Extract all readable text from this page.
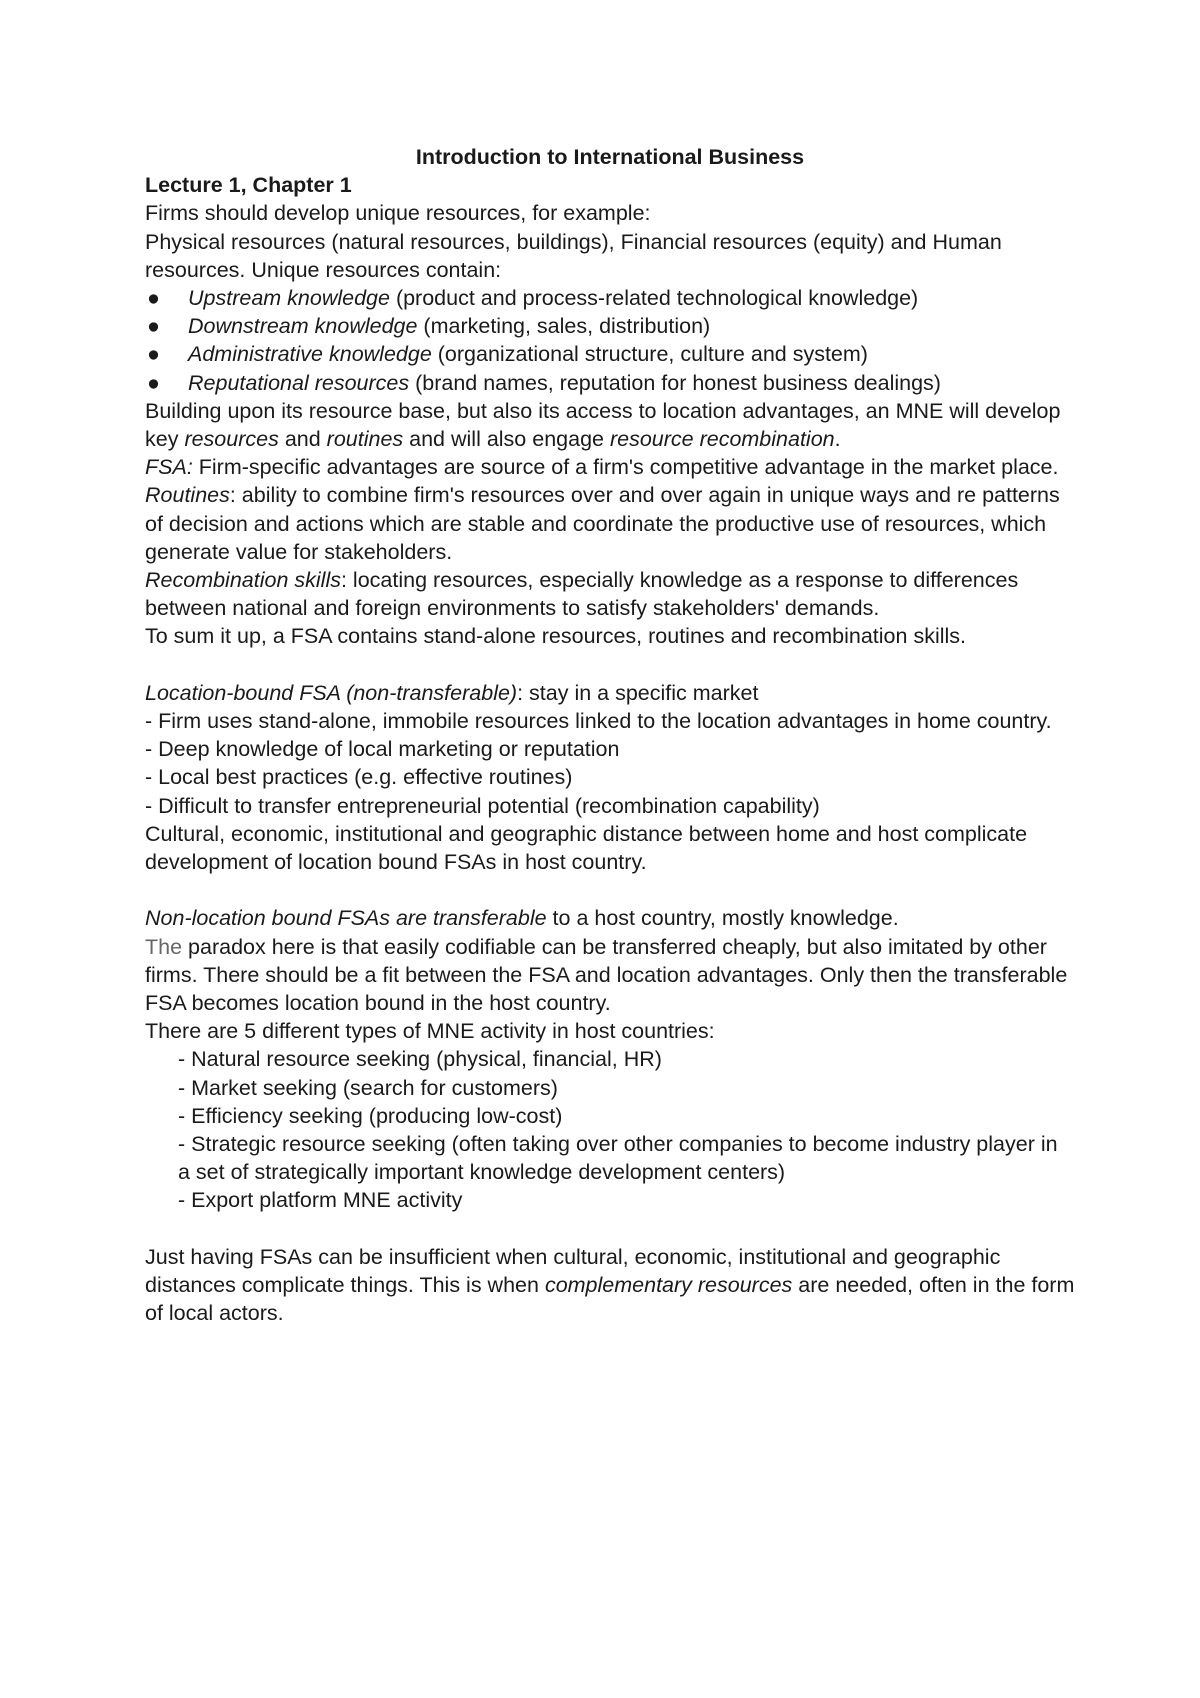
Introduction to International Business

Lecture 1, Chapter 1

Firms should develop unique resources, for example:

Physical resources (natural resources, buildings), Financial resources (equity) and Human resources. Unique resources contain:

● Upstream knowledge (product and process-related technological knowledge)
● Downstream knowledge (marketing, sales, distribution)
● Administrative knowledge (organizational structure, culture and system)
● Reputational resources (brand names, reputation for honest business dealings)

Building upon its resource base, but also its access to location advantages, an MNE will develop key resources and routines and will also engage resource recombination.

FSA: Firm-specific advantages are source of a firm's competitive advantage in the market place.

Routines: ability to combine firm's resources over and over again in unique ways and re patterns of decision and actions which are stable and coordinate the productive use of resources, which generate value for stakeholders.

Recombination skills: locating resources, especially knowledge as a response to differences between national and foreign environments to satisfy stakeholders' demands.

To sum it up, a FSA contains stand-alone resources, routines and recombination skills.

Location-bound FSA (non-transferable): stay in a specific market

- Firm uses stand-alone, immobile resources linked to the location advantages in home country.
- Deep knowledge of local marketing or reputation
- Local best practices (e.g. effective routines)
- Difficult to transfer entrepreneurial potential (recombination capability)

Cultural, economic, institutional and geographic distance between home and host complicate development of location bound FSAs in host country.

Non-location bound FSAs are transferable to a host country, mostly knowledge.

The paradox here is that easily codifiable can be transferred cheaply, but also imitated by other firms. There should be a fit between the FSA and location advantages. Only then the transferable FSA becomes location bound in the host country.

There are 5 different types of MNE activity in host countries:

- Natural resource seeking (physical, financial, HR)
- Market seeking (search for customers)
- Efficiency seeking (producing low-cost)
- Strategic resource seeking (often taking over other companies to become industry player in a set of strategically important knowledge development centers)
- Export platform MNE activity

Just having FSAs can be insufficient when cultural, economic, institutional and geographic distances complicate things. This is when complementary resources are needed, often in the form of local actors.
